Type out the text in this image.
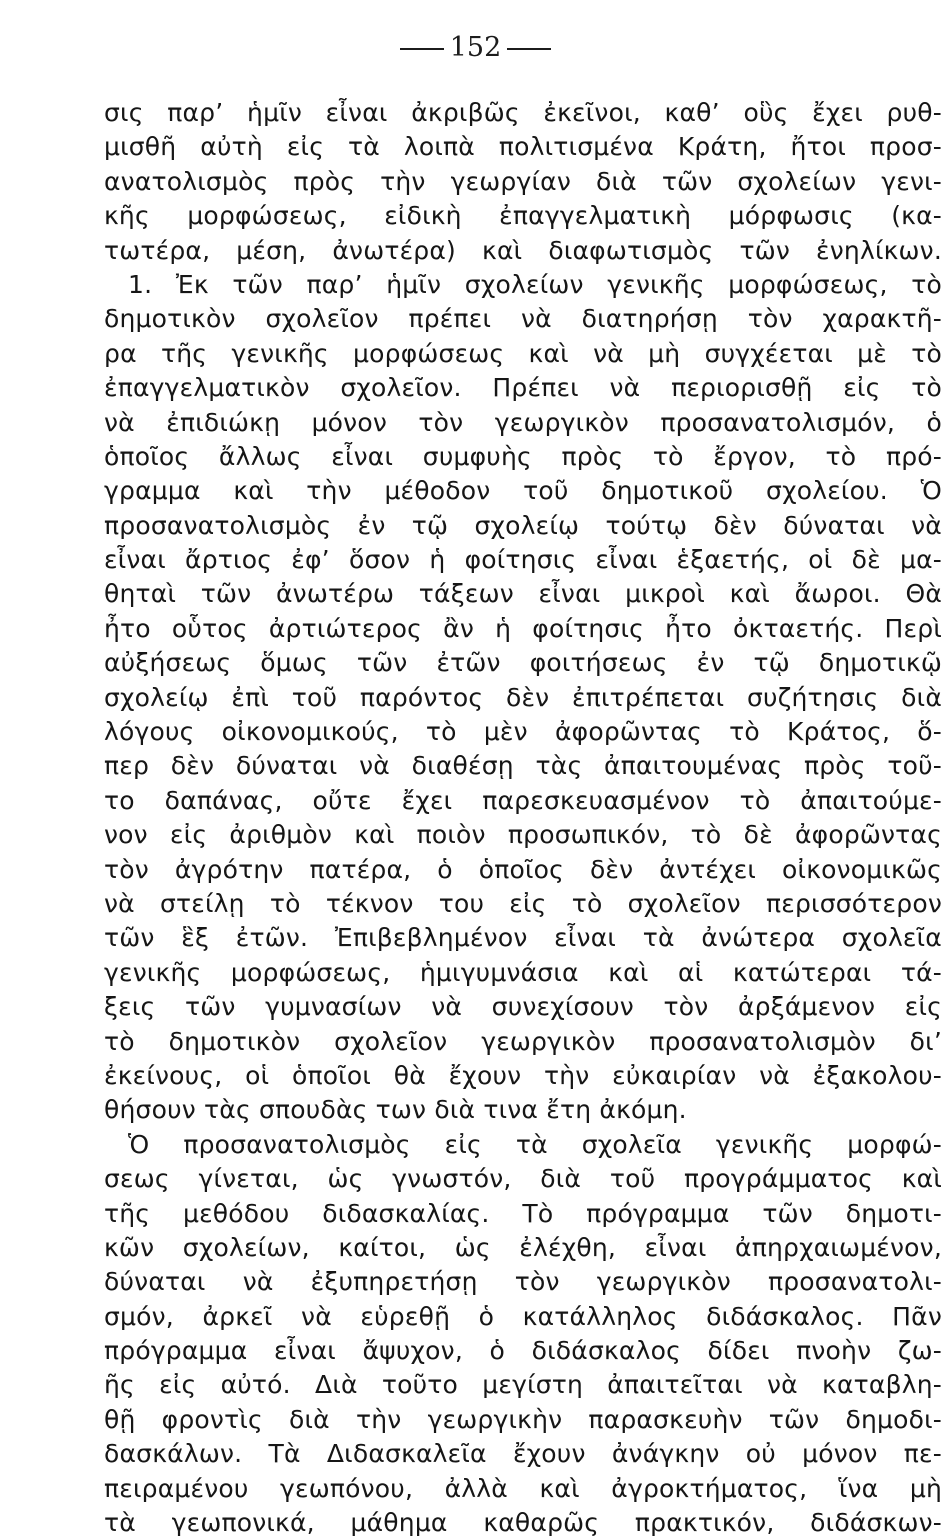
152
σις παρ’ ἡμῖν εἶναι ἀκριβῶς ἐκεῖνοι, καθ’ οὓς ἔχει ρυθ-
μισθῆ αὐτὴ εἰς τὰ λοιπὰ πολιτισμένα Κράτη, ἤτοι προσ-
ανατολισμὸς πρὸς τὴν γεωργίαν διὰ τῶν σχολείων γενι-
κῆς μορφώσεως, εἰδικὴ ἐπαγγελματικὴ μόρφωσις (κα-
τωτέρα, μέση, ἀνωτέρα) καὶ διαφωτισμὸς τῶν ἐνηλίκων.
1. Ἐκ τῶν παρ’ ἡμῖν σχολείων γενικῆς μορφώσεως, τὸ
δημοτικὸν σχολεῖον πρέπει νὰ διατηρήσῃ τὸν χαρακτῆ-
ρα τῆς γενικῆς μορφώσεως καὶ νὰ μὴ συγχέεται μὲ τὸ
ἐπαγγελματικὸν σχολεῖον. Πρέπει νὰ περιορισθῇ εἰς τὸ
νὰ ἐπιδιώκῃ μόνον τὸν γεωργικὸν προσανατολισμόν, ὁ
ὁποῖος ἄλλως εἶναι συμφυὴς πρὸς τὸ ἔργον, τὸ πρό-
γραμμα καὶ τὴν μέθοδον τοῦ δημοτικοῦ σχολείου. Ὁ
προσανατολισμὸς ἐν τῷ σχολείῳ τούτῳ δὲν δύναται νὰ
εἶναι ἄρτιος ἐφ’ ὅσον ἡ φοίτησις εἶναι ἑξαετής, οἱ δὲ μα-
θηταὶ τῶν ἀνωτέρω τάξεων εἶναι μικροὶ καὶ ἄωροι. Θὰ
ἦτο οὗτος ἀρτιώτερος ἂν ἡ φοίτησις ἦτο ὀκταετής. Περὶ
αὐξήσεως ὅμως τῶν ἐτῶν φοιτήσεως ἐν τῷ δημοτικῷ
σχολείῳ ἐπὶ τοῦ παρόντος δὲν ἐπιτρέπεται συζήτησις διὰ
λόγους οἰκονομικούς, τὸ μὲν ἀφορῶντας τὸ Κράτος, ὅ-
περ δὲν δύναται νὰ διαθέσῃ τὰς ἀπαιτουμένας πρὸς τοῦ-
το δαπάνας, οὔτε ἔχει παρεσκευασμένον τὸ ἀπαιτούμε-
νον εἰς ἀριθμὸν καὶ ποιὸν προσωπικόν, τὸ δὲ ἀφορῶντας
τὸν ἀγρότην πατέρα, ὁ ὁποῖος δὲν ἀντέχει οἰκονομικῶς
νὰ στείλῃ τὸ τέκνον του εἰς τὸ σχολεῖον περισσότερον
τῶν ἓξ ἐτῶν. Ἐπιβεβλημένον εἶναι τὰ ἀνώτερα σχολεῖα
γενικῆς μορφώσεως, ἡμιγυμνάσια καὶ αἱ κατώτεραι τά-
ξεις τῶν γυμνασίων νὰ συνεχίσουν τὸν ἀρξάμενον εἰς
τὸ δημοτικὸν σχολεῖον γεωργικὸν προσανατολισμὸν δι’
ἐκείνους, οἱ ὁποῖοι θὰ ἔχουν τὴν εὐκαιρίαν νὰ ἐξακολου-
θήσουν τὰς σπουδὰς των διὰ τινα ἔτη ἀκόμη.
Ὁ προσανατολισμὸς εἰς τὰ σχολεῖα γενικῆς μορφώ-
σεως γίνεται, ὡς γνωστόν, διὰ τοῦ προγράμματος καὶ
τῆς μεθόδου διδασκαλίας. Τὸ πρόγραμμα τῶν δημοτι-
κῶν σχολείων, καίτοι, ὡς ἐλέχθη, εἶναι ἀπηρχαιωμένον,
δύναται νὰ ἐξυπηρετήσῃ τὸν γεωργικὸν προσανατολι-
σμόν, ἀρκεῖ νὰ εὑρεθῇ ὁ κατάλληλος διδάσκαλος. Πᾶν
πρόγραμμα εἶναι ἄψυχον, ὁ διδάσκαλος δίδει πνοὴν ζω-
ῆς εἰς αὐτό. Διὰ τοῦτο μεγίστη ἀπαιτεῖται νὰ καταβλη-
θῇ φροντὶς διὰ τὴν γεωργικὴν παρασκευὴν τῶν δημοδι-
δασκάλων. Τὰ Διδασκαλεῖα ἔχουν ἀνάγκην οὐ μόνον πε-
πειραμένου γεωπόνου, ἀλλὰ καὶ ἀγροκτήματος, ἵνα μὴ
τὰ γεωπονικά, μάθημα καθαρῶς πρακτικόν, διδάσκων-
